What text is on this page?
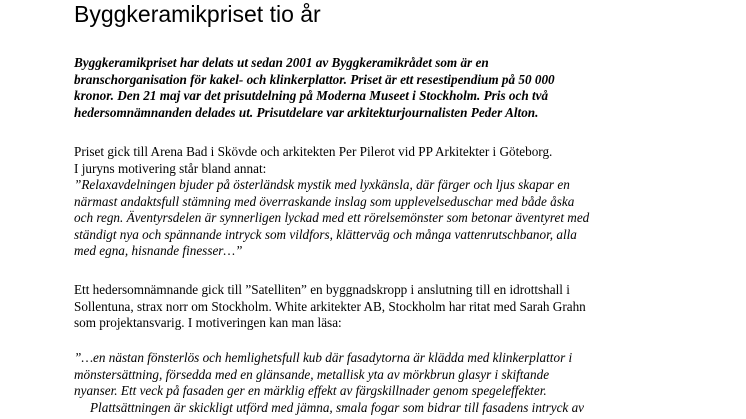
Byggkeramikpriset tio år
Byggkeramikpriset har delats ut sedan 2001 av Byggkeramikrådet som är en
branschorganisation för kakel- och klinkerplattor. Priset är ett resestipendium på 50 000
kronor. Den 21 maj var det prisutdelning på Moderna Museet i Stockholm. Pris och två
hedersomnämnanden delades ut. Prisutdelare var arkitekturjournalisten Peder Alton.
Priset gick till Arena Bad i Skövde och arkitekten Per Pilerot vid PP Arkitekter i Göteborg.
I juryns motivering står bland annat:
”Relaxavdelningen bjuder på österländsk mystik med lyxkänsla, där färger och ljus skapar en
närmast andaktsfull stämning med överraskande inslag som upplevelseduschar med både åska
och regn. Äventyrsdelen är synnerligen lyckad med ett rörelsemönster som betonar äventyret med
ständigt nya och spännande intryck som vildfors, klätterväg och många vattenrutschbanor, alla
med egna, hisnande finesser…”
Ett hedersomnämnande gick till ”Satelliten” en byggnadskropp i anslutning till en idrottshall i
Sollentuna, strax norr om Stockholm. White arkitekter AB, Stockholm har ritat med Sarah Grahn
som projektansvarig. I motiveringen kan man läsa:
”…en nästan fönsterlös och hemlighetsfull kub där fasadytorna är klädda med klinkerplattor i
mönstersättning, försedda med en glänsande, metallisk yta av mörkbrun glasyr i skiftande
nyanser. Ett veck på fasaden ger en märklig effekt av färgskillnader genom spegeleffekter.
Plattsättningen är skickligt utförd med jämna, smala fogar som bidrar till fasadens intryck av
